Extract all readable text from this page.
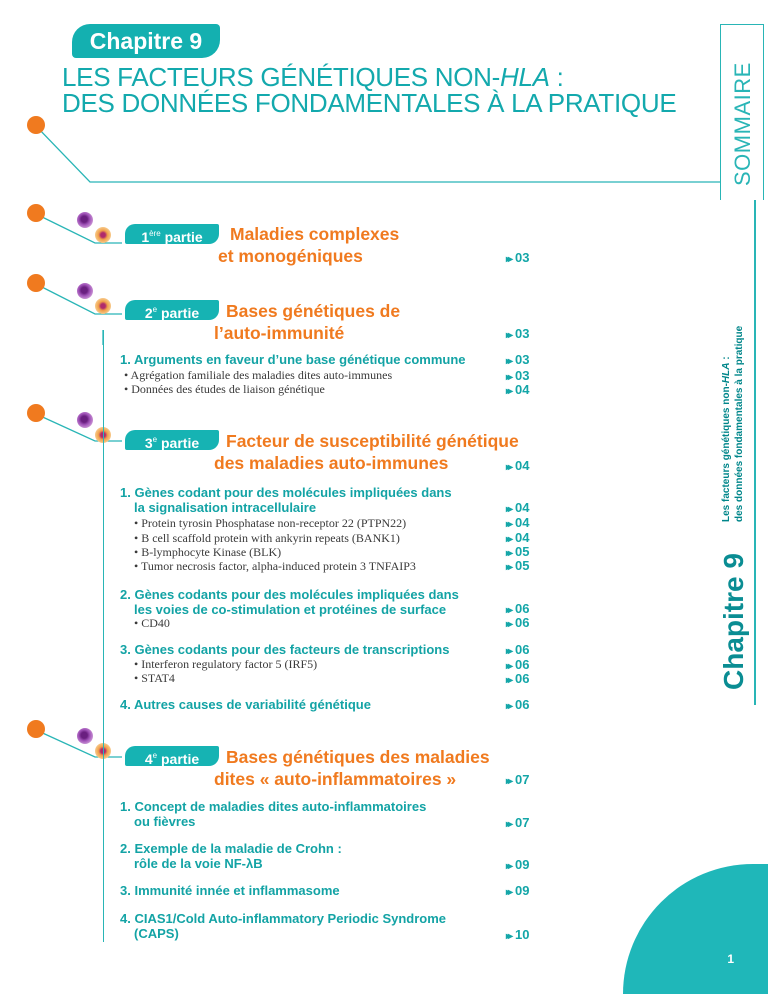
Chapitre 9
LES FACTEURS GÉNÉTIQUES NON-HLA :
DES DONNÉES FONDAMENTALES À LA PRATIQUE SOMMAIRE
Les facteurs génétiques non-HLA : des données fondamentales à la pratique
Chapitre 9
1ère partie	Maladies complexes
et monogéniques	▸▸ 03
2e partie	Bases génétiques de
l’auto-immunité	▸▸ 03
1. Arguments en faveur d’une base génétique commune	▸▸ 03
• Agrégation familiale des maladies dites auto-immunes	▸▸ 03
• Données des études de liaison génétique	▸▸ 04
3e partie	Facteur de susceptibilité génétique
des maladies auto-immunes	▸▸ 04
1. Gènes codant pour des molécules impliquées dans
la signalisation intracellulaire	▸▸ 04
• Protein tyrosin Phosphatase non-receptor 22 (PTPN22)	▸▸ 04
• B cell scaffold protein with ankyrin repeats (BANK1)	▸▸ 04
• B-lymphocyte Kinase (BLK)	▸▸ 05
• Tumor necrosis factor, alpha-induced protein 3 TNFAIP3	▸▸ 05
2. Gènes codants pour des molécules impliquées dans
les voies de co-stimulation et protéines de surface	▸▸ 06
• CD40	▸▸ 06
3. Gènes codants pour des facteurs de transcriptions	▸▸ 06
• Interferon regulatory factor 5 (IRF5)	▸▸ 06
• STAT4	▸▸ 06
4. Autres causes de variabilité génétique	▸▸ 06
4e partie	Bases génétiques des maladies
dites « auto-inflammatoires »	▸▸ 07
1. Concept de maladies dites auto-inflammatoires
ou fièvres	▸▸ 07
2. Exemple de la maladie de Crohn :
rôle de la voie NF-λB	▸▸ 09
3. Immunité innée et inflammasome	▸▸ 09
4. CIAS1/Cold Auto-inflammatory Periodic Syndrome
(CAPS)	▸▸ 10
1
